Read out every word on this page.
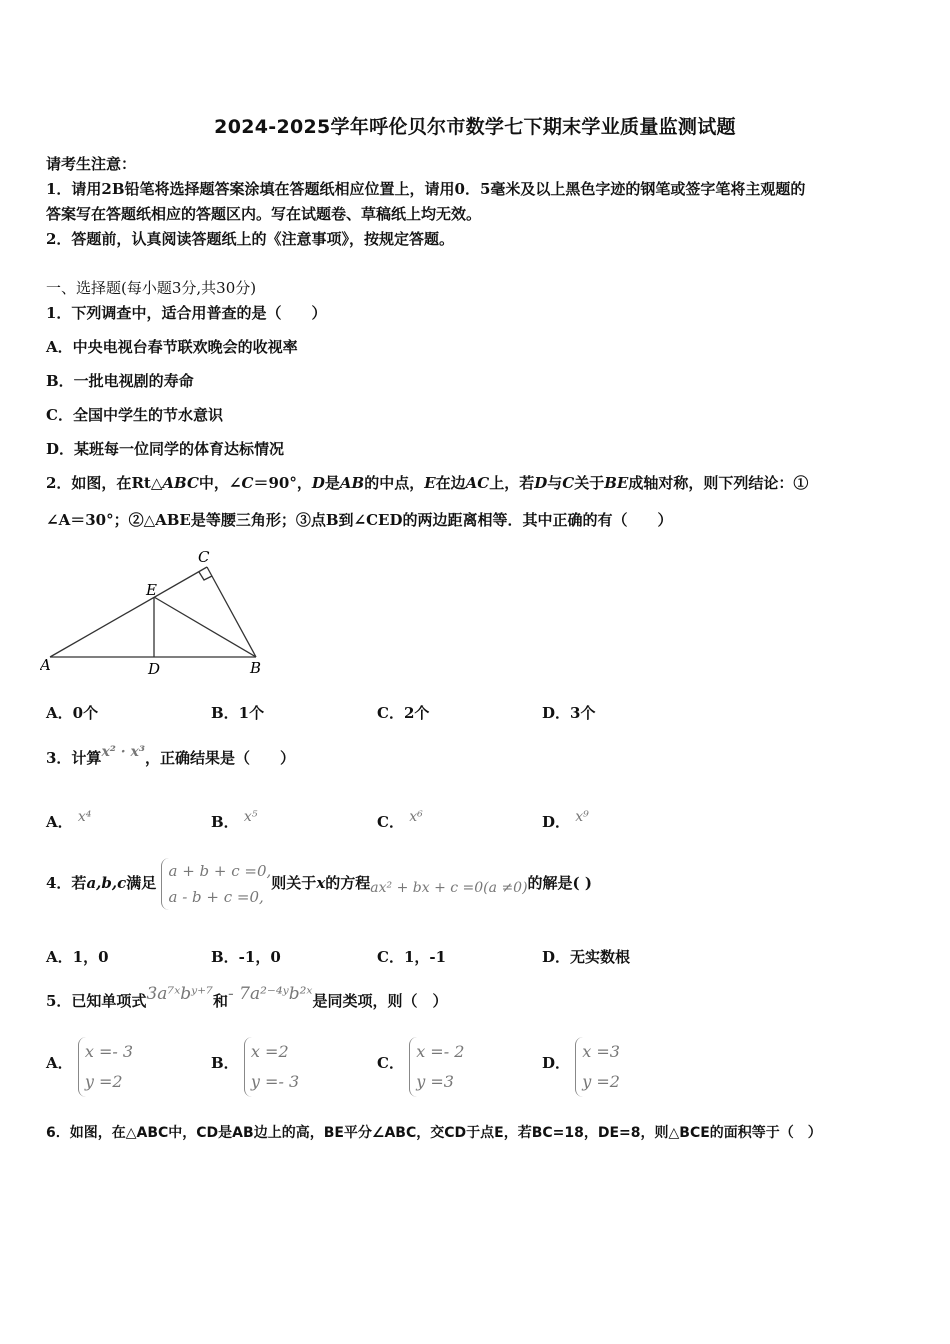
2024-2025学年呼伦贝尔市数学七下期末学业质量监测试题
请考生注意：
1．请用2B铅笔将选择题答案涂填在答题纸相应位置上，请用0．5毫米及以上黑色字迹的钢笔或签字笔将主观题的
答案写在答题纸相应的答题区内。写在试题卷、草稿纸上均无效。
2．答题前，认真阅读答题纸上的《注意事项》，按规定答题。
一、选择题(每小题3分,共30分)
1．下列调查中，适合用普查的是（　　）
A．中央电视台春节联欢晚会的收视率
B．一批电视剧的寿命
C．全国中学生的节水意识
D．某班每一位同学的体育达标情况
2．如图，在Rt△ABC中，∠C＝90°，D是AB的中点，E在边AC上，若D与C关于BE成轴对称，则下列结论：①
∠A＝30°；②△ABE是等腰三角形；③点B到∠CED的两边距离相等．其中正确的有（　　）
A	B
C
D
E
A．0个	B．1个	C．2个	D．3个
3．计算x² · x³，正确结果是（　　）
A． x⁴	B． x⁵	C． x⁶	D． x⁹
4．若a,b,c满足
a + b + c =0,
a - b + c =0,
则关于x的方程ax² + bx + c =0(a ≠0)的解是( )
A．1，0	B．-1，0	C．1，-1	D．无实数根
5．已知单项式3a⁷ˣbʸ⁺⁷和- 7a²⁻⁴ʸb²ˣ是同类项，则（　）
A．
x =- 3
y =2
B．
x =2
y =- 3
C．
x =- 2
y =3
D．
x =3
y =2
6．如图，在△ABC中，CD是AB边上的高，BE平分∠ABC，交CD于点E，若BC=18，DE=8，则△BCE的面积等于（　）
